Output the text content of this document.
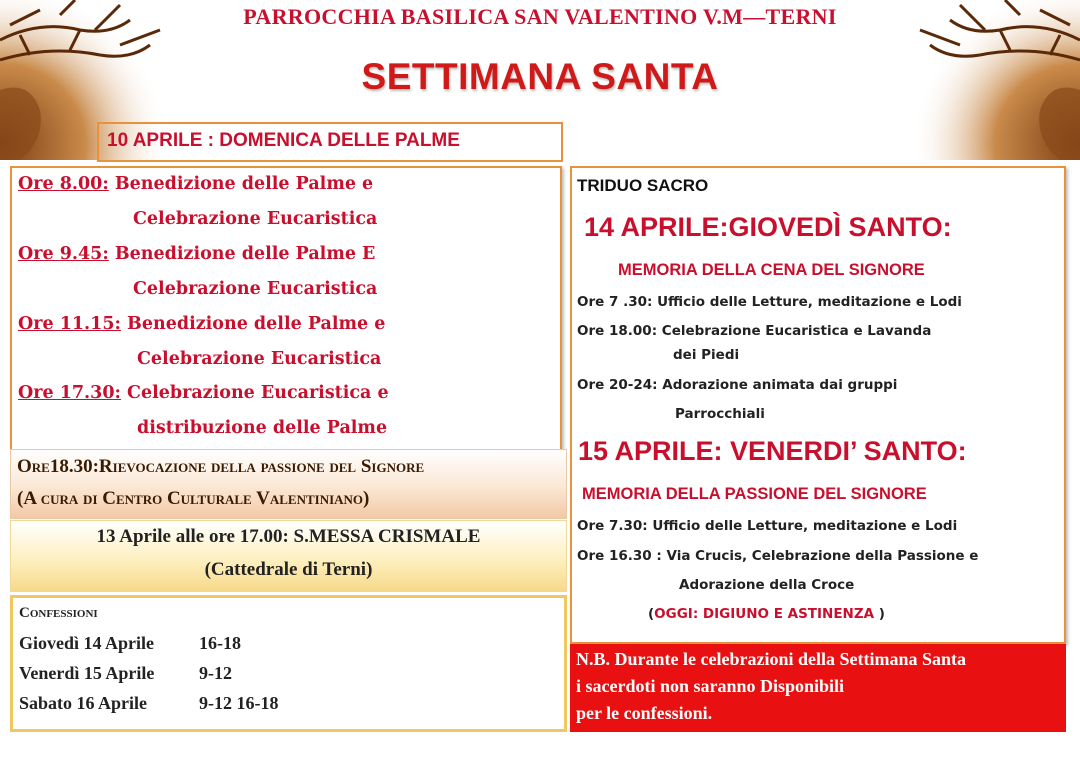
PARROCCHIA BASILICA SAN VALENTINO V.M—TERNI
SETTIMANA SANTA
10 APRILE : DOMENICA DELLE PALME
Ore 8.00: Benedizione delle Palme e
Celebrazione Eucaristica
Ore 9.45: Benedizione delle Palme E
Celebrazione Eucaristica
Ore 11.15: Benedizione delle Palme e
Celebrazione Eucaristica
Ore 17.30: Celebrazione Eucaristica e
distribuzione delle Palme
Ore18.30:Rievocazione della passione del Signore
(A cura di Centro Culturale Valentiniano)
13 Aprile alle ore 17.00: S.MESSA CRISMALE
(Cattedrale di Terni)
Confessioni
Giovedì 14 Aprile	16-18
Venerdì 15 Aprile 9-12
Sabato 16 Aprile	9-12 16-18
TRIDUO SACRO
14 APRILE:GIOVEDÌ SANTO:
MEMORIA DELLA CENA DEL SIGNORE
Ore 7 .30: Ufficio delle Letture, meditazione e Lodi
Ore 18.00: Celebrazione Eucaristica e Lavanda
dei Piedi
Ore 20-24: Adorazione animata dai gruppi
Parrocchiali
15 APRILE: VENERDI’ SANTO:
MEMORIA DELLA PASSIONE DEL SIGNORE
Ore 7.30: Ufficio delle Letture, meditazione e Lodi
Ore 16.30 : Via Crucis, Celebrazione della Passione e
Adorazione della Croce
(OGGI: DIGIUNO E ASTINENZA )
N.B. Durante le celebrazioni della Settimana Santa
i sacerdoti non saranno Disponibili
per le confessioni.
